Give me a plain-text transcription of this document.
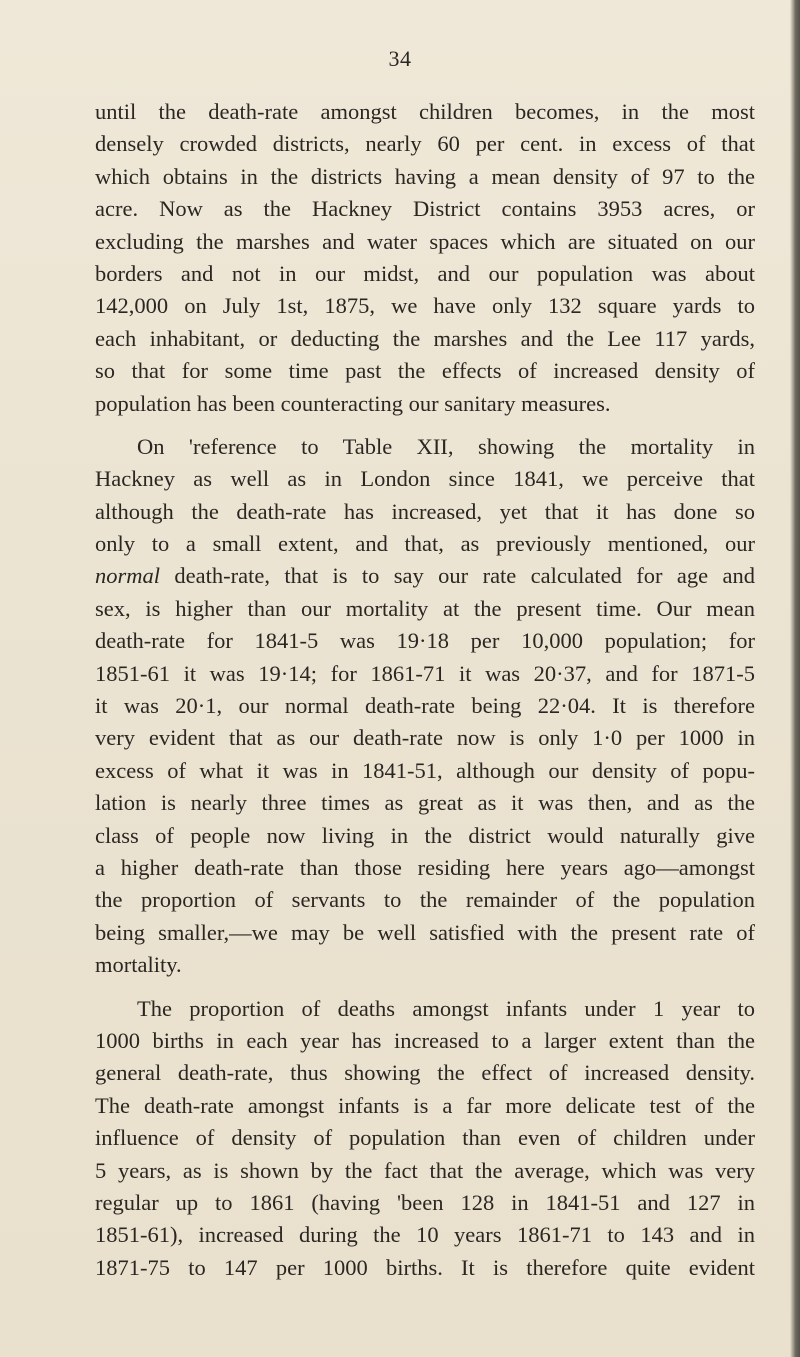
34
until the death-rate amongst children becomes, in the most
densely crowded districts, nearly 60 per cent. in excess of that
which obtains in the districts having a mean density of 97 to the
acre. Now as the Hackney District contains 3953 acres, or
excluding the marshes and water spaces which are situated on our
borders and not in our midst, and our population was about
142,000 on July 1st, 1875, we have only 132 square yards to
each inhabitant, or deducting the marshes and the Lee 117 yards,
so that for some time past the effects of increased density of
population has been counteracting our sanitary measures.
On 'reference to Table XII, showing the mortality in
Hackney as well as in London since 1841, we perceive that
although the death-rate has increased, yet that it has done so
only to a small extent, and that, as previously mentioned, our
normal death-rate, that is to say our rate calculated for age and
sex, is higher than our mortality at the present time. Our mean
death-rate for 1841-5 was 19·18 per 10,000 population; for
1851-61 it was 19·14; for 1861-71 it was 20·37, and for 1871-5
it was 20·1, our normal death-rate being 22·04. It is therefore
very evident that as our death-rate now is only 1·0 per 1000 in
excess of what it was in 1841-51, although our density of popu-
lation is nearly three times as great as it was then, and as the
class of people now living in the district would naturally give
a higher death-rate than those residing here years ago—amongst
the proportion of servants to the remainder of the population
being smaller,—we may be well satisfied with the present rate of
mortality.
The proportion of deaths amongst infants under 1 year to
1000 births in each year has increased to a larger extent than the
general death-rate, thus showing the effect of increased density.
The death-rate amongst infants is a far more delicate test of the
influence of density of population than even of children under
5 years, as is shown by the fact that the average, which was very
regular up to 1861 (having 'been 128 in 1841-51 and 127 in
1851-61), increased during the 10 years 1861-71 to 143 and in
1871-75 to 147 per 1000 births. It is therefore quite evident
